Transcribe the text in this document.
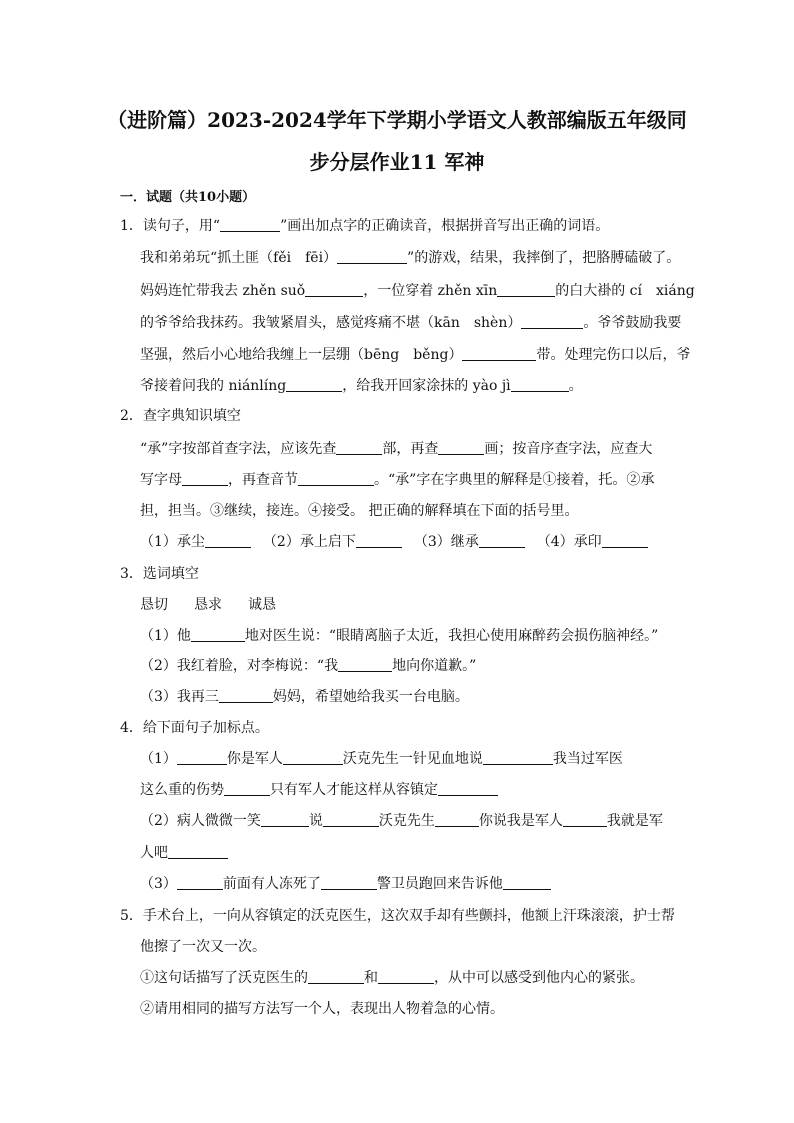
（进阶篇）2023-2024学年下学期小学语文人教部编版五年级同
步分层作业11 军神
一．试题（共10小题）
1．读句子，用“	”画出加点字的正确读音，根据拼音写出正确的词语。
我和弟弟玩“抓土匪（fěi　fēi）	”的游戏，结果，我摔倒了，把胳膊磕破了。
妈妈连忙带我去 zhěn suǒ	，一位穿着 zhěn xīn	的白大褂的 cí　xiáng
的爷爷给我抹药。我皱紧眉头，感觉疼痛不堪（kān　shèn）	。爷爷鼓励我要
坚强，然后小心地给我缠上一层绷（bēng　běng）	带。处理完伤口以后，爷
爷接着问我的 niánlíng	，给我开回家涂抹的 yào jì	。
2．查字典知识填空
“承”字按部首查字法，应该先查	部，再查	画；按音序查字法，应查大
写字母	，再查音节	。“承”字在字典里的解释是①接着，托。②承
担，担当。③继续，接连。④接受。 把正确的解释填在下面的括号里。
（1）承尘	（2）承上启下	（3）继承	（4）承印
3．选词填空
恳切 恳求 诚恳
（1）他	地对医生说：“眼睛离脑子太近，我担心使用麻醉药会损伤脑神经。”
（2）我红着脸，对李梅说：“我	地向你道歉。”
（3）我再三	妈妈，希望她给我买一台电脑。
4．给下面句子加标点。
（1）	你是军人	沃克先生一针见血地说	我当过军医
这么重的伤势	只有军人才能这样从容镇定
（2）病人微微一笑	说	沃克先生	你说我是军人	我就是军
人吧
（3）	前面有人冻死了	警卫员跑回来告诉他
5．手术台上，一向从容镇定的沃克医生，这次双手却有些颤抖，他额上汗珠滚滚，护士帮
他擦了一次又一次。
①这句话描写了沃克医生的	和	，从中可以感受到他内心的紧张。
②请用相同的描写方法写一个人，表现出人物着急的心情。
